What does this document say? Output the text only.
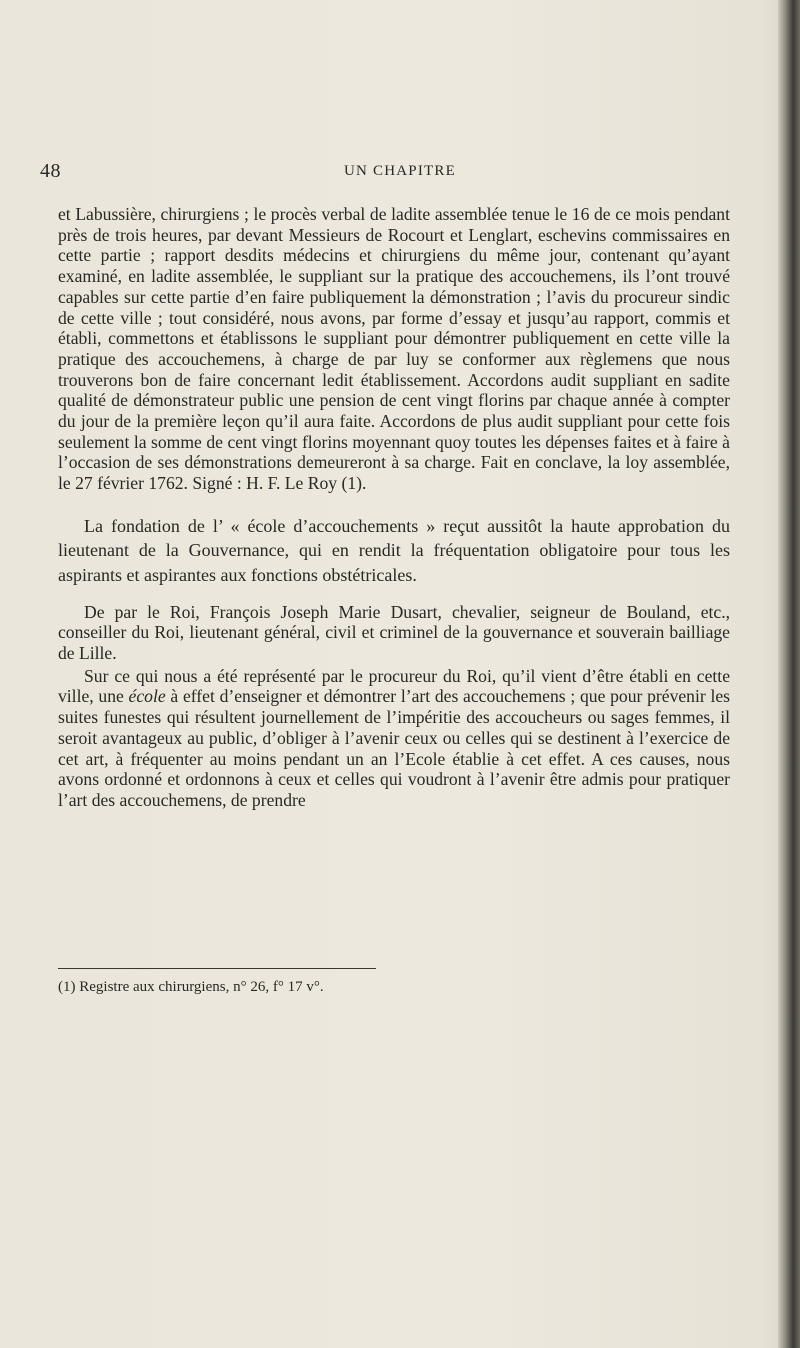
48	UN CHAPITRE

et Labussière, chirurgiens ; le procès verbal de ladite assemblée tenue le 16 de ce mois pendant près de trois heures, par devant Messieurs de Rocourt et Lenglart, eschevins commissaires en cette partie ; rapport desdits médecins et chirurgiens du même jour, contenant qu’ayant examiné, en ladite assemblée, le suppliant sur la pratique des accouchemens, ils l’ont trouvé capables sur cette partie d’en faire publiquement la démonstration ; l’avis du procureur sindic de cette ville ; tout considéré, nous avons, par forme d’essay et jusqu’au rapport, commis et établi, commettons et établissons le suppliant pour démontrer publiquement en cette ville la pratique des accouchemens, à charge de par luy se conformer aux règlemens que nous trouverons bon de faire concernant ledit établissement. Accordons audit suppliant en sadite qualité de démonstrateur public une pension de cent vingt florins par chaque année à compter du jour de la première leçon qu’il aura faite. Accordons de plus audit suppliant pour cette fois seulement la somme de cent vingt florins moyennant quoy toutes les dépenses faites et à faire à l’occasion de ses démonstrations demeureront à sa charge. Fait en conclave, la loy assemblée, le 27 février 1762. Signé : H. F. Le Roy (1).

La fondation de l’ « école d’accouchements » reçut aussitôt la haute approbation du lieutenant de la Gouvernance, qui en rendit la fréquentation obligatoire pour tous les aspirants et aspirantes aux fonctions obstétricales.

De par le Roi, François Joseph Marie Dusart, chevalier, seigneur de Bouland, etc., conseiller du Roi, lieutenant général, civil et criminel de la gouvernance et souverain bailliage de Lille.

Sur ce qui nous a été représenté par le procureur du Roi, qu’il vient d’être établi en cette ville, une école à effet d’enseigner et démontrer l’art des accouchemens ; que pour prévenir les suites funestes qui résultent journellement de l’impéritie des accoucheurs ou sages femmes, il seroit avantageux au public, d’obliger à l’avenir ceux ou celles qui se destinent à l’exercice de cet art, à fréquenter au moins pendant un an l’Ecole établie à cet effet. A ces causes, nous avons ordonné et ordonnons à ceux et celles qui voudront à l’avenir être admis pour pratiquer l’art des accouchemens, de prendre

(1) Registre aux chirurgiens, n° 26, f° 17 v°.
